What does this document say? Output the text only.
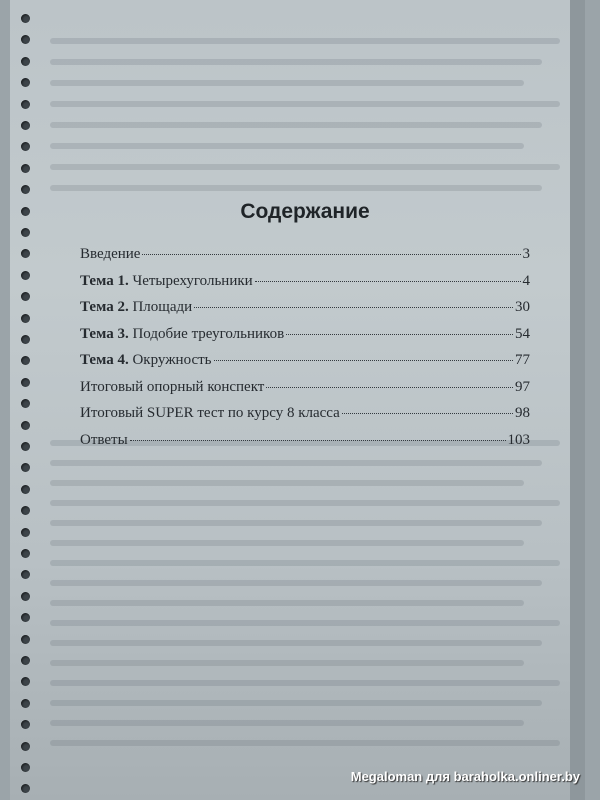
Содержание
Введение	3
Тема 1. Четырехугольники	4
Тема 2. Площади	30
Тема 3. Подобие треугольников	54
Тема 4. Окружность	77
Итоговый опорный конспект	97
Итоговый SUPER тест по курсу 8 класса	98
Ответы	103
Megaloman для baraholka.onliner.by
